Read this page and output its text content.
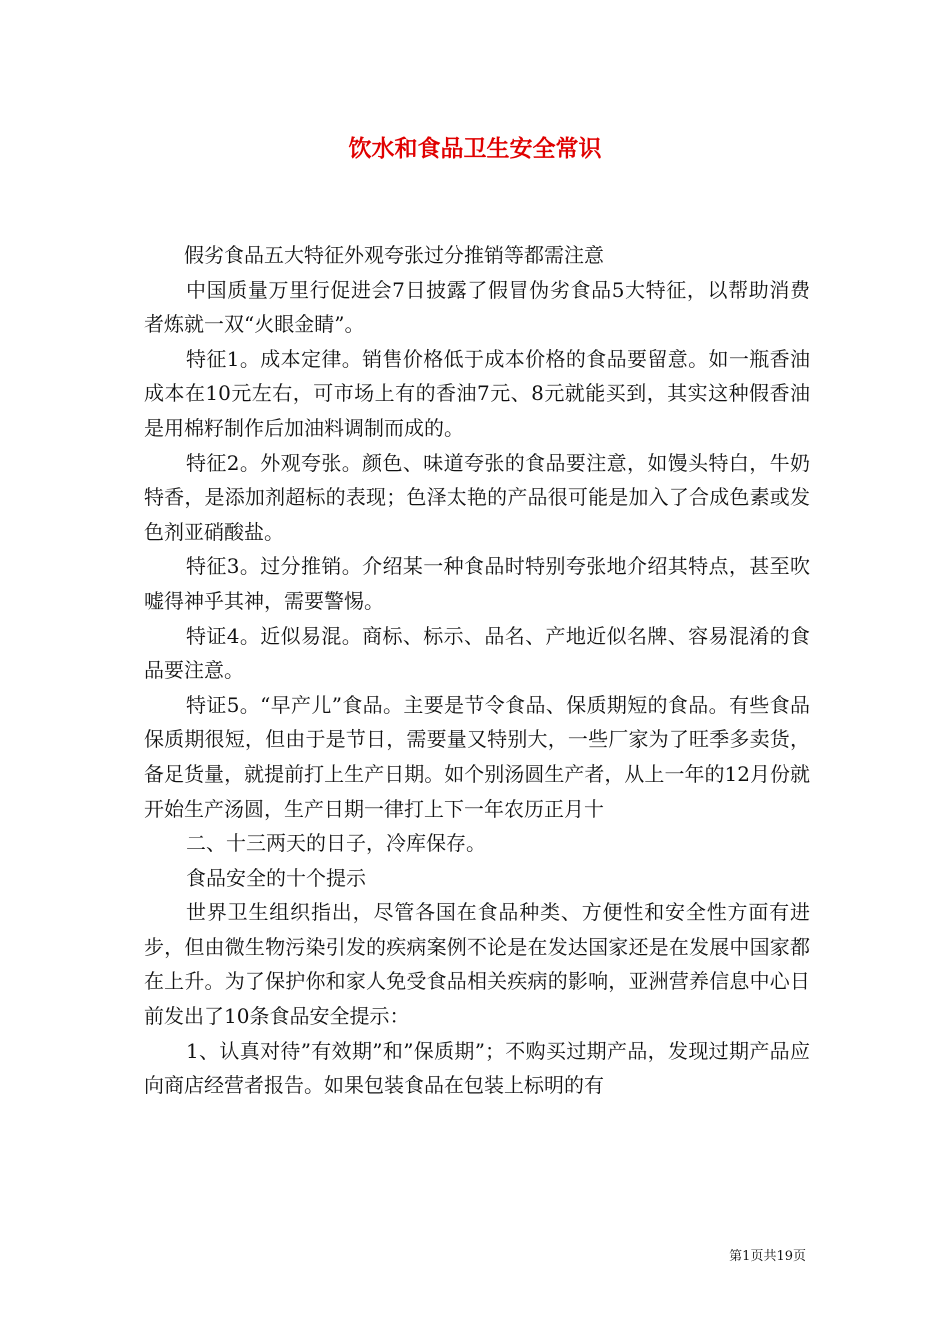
饮水和食品卫生安全常识

假劣食品五大特征外观夸张过分推销等都需注意

中国质量万里行促进会7日披露了假冒伪劣食品5大特征，以帮助消费者炼就一双“火眼金睛”。

特征1。成本定律。销售价格低于成本价格的食品要留意。如一瓶香油成本在10元左右，可市场上有的香油7元、8元就能买到，其实这种假香油是用棉籽制作后加油料调制而成的。

特征2。外观夸张。颜色、味道夸张的食品要注意，如馒头特白，牛奶特香，是添加剂超标的表现；色泽太艳的产品很可能是加入了合成色素或发色剂亚硝酸盐。

特征3。过分推销。介绍某一种食品时特别夸张地介绍其特点，甚至吹嘘得神乎其神，需要警惕。

特证4。近似易混。商标、标示、品名、产地近似名牌、容易混淆的食品要注意。

特证5。“早产儿”食品。主要是节令食品、保质期短的食品。有些食品保质期很短，但由于是节日，需要量又特别大，一些厂家为了旺季多卖货，备足货量，就提前打上生产日期。如个别汤圆生产者，从上一年的12月份就开始生产汤圆，生产日期一律打上下一年农历正月十

二、十三两天的日子，冷库保存。

食品安全的十个提示

世界卫生组织指出，尽管各国在食品种类、方便性和安全性方面有进步，但由微生物污染引发的疾病案例不论是在发达国家还是在发展中国家都在上升。为了保护你和家人免受食品相关疾病的影响，亚洲营养信息中心日前发出了10条食品安全提示：

1、认真对待”有效期”和”保质期”；不购买过期产品，发现过期产品应向商店经营者报告。如果包装食品在包装上标明的有

第1页共19页
